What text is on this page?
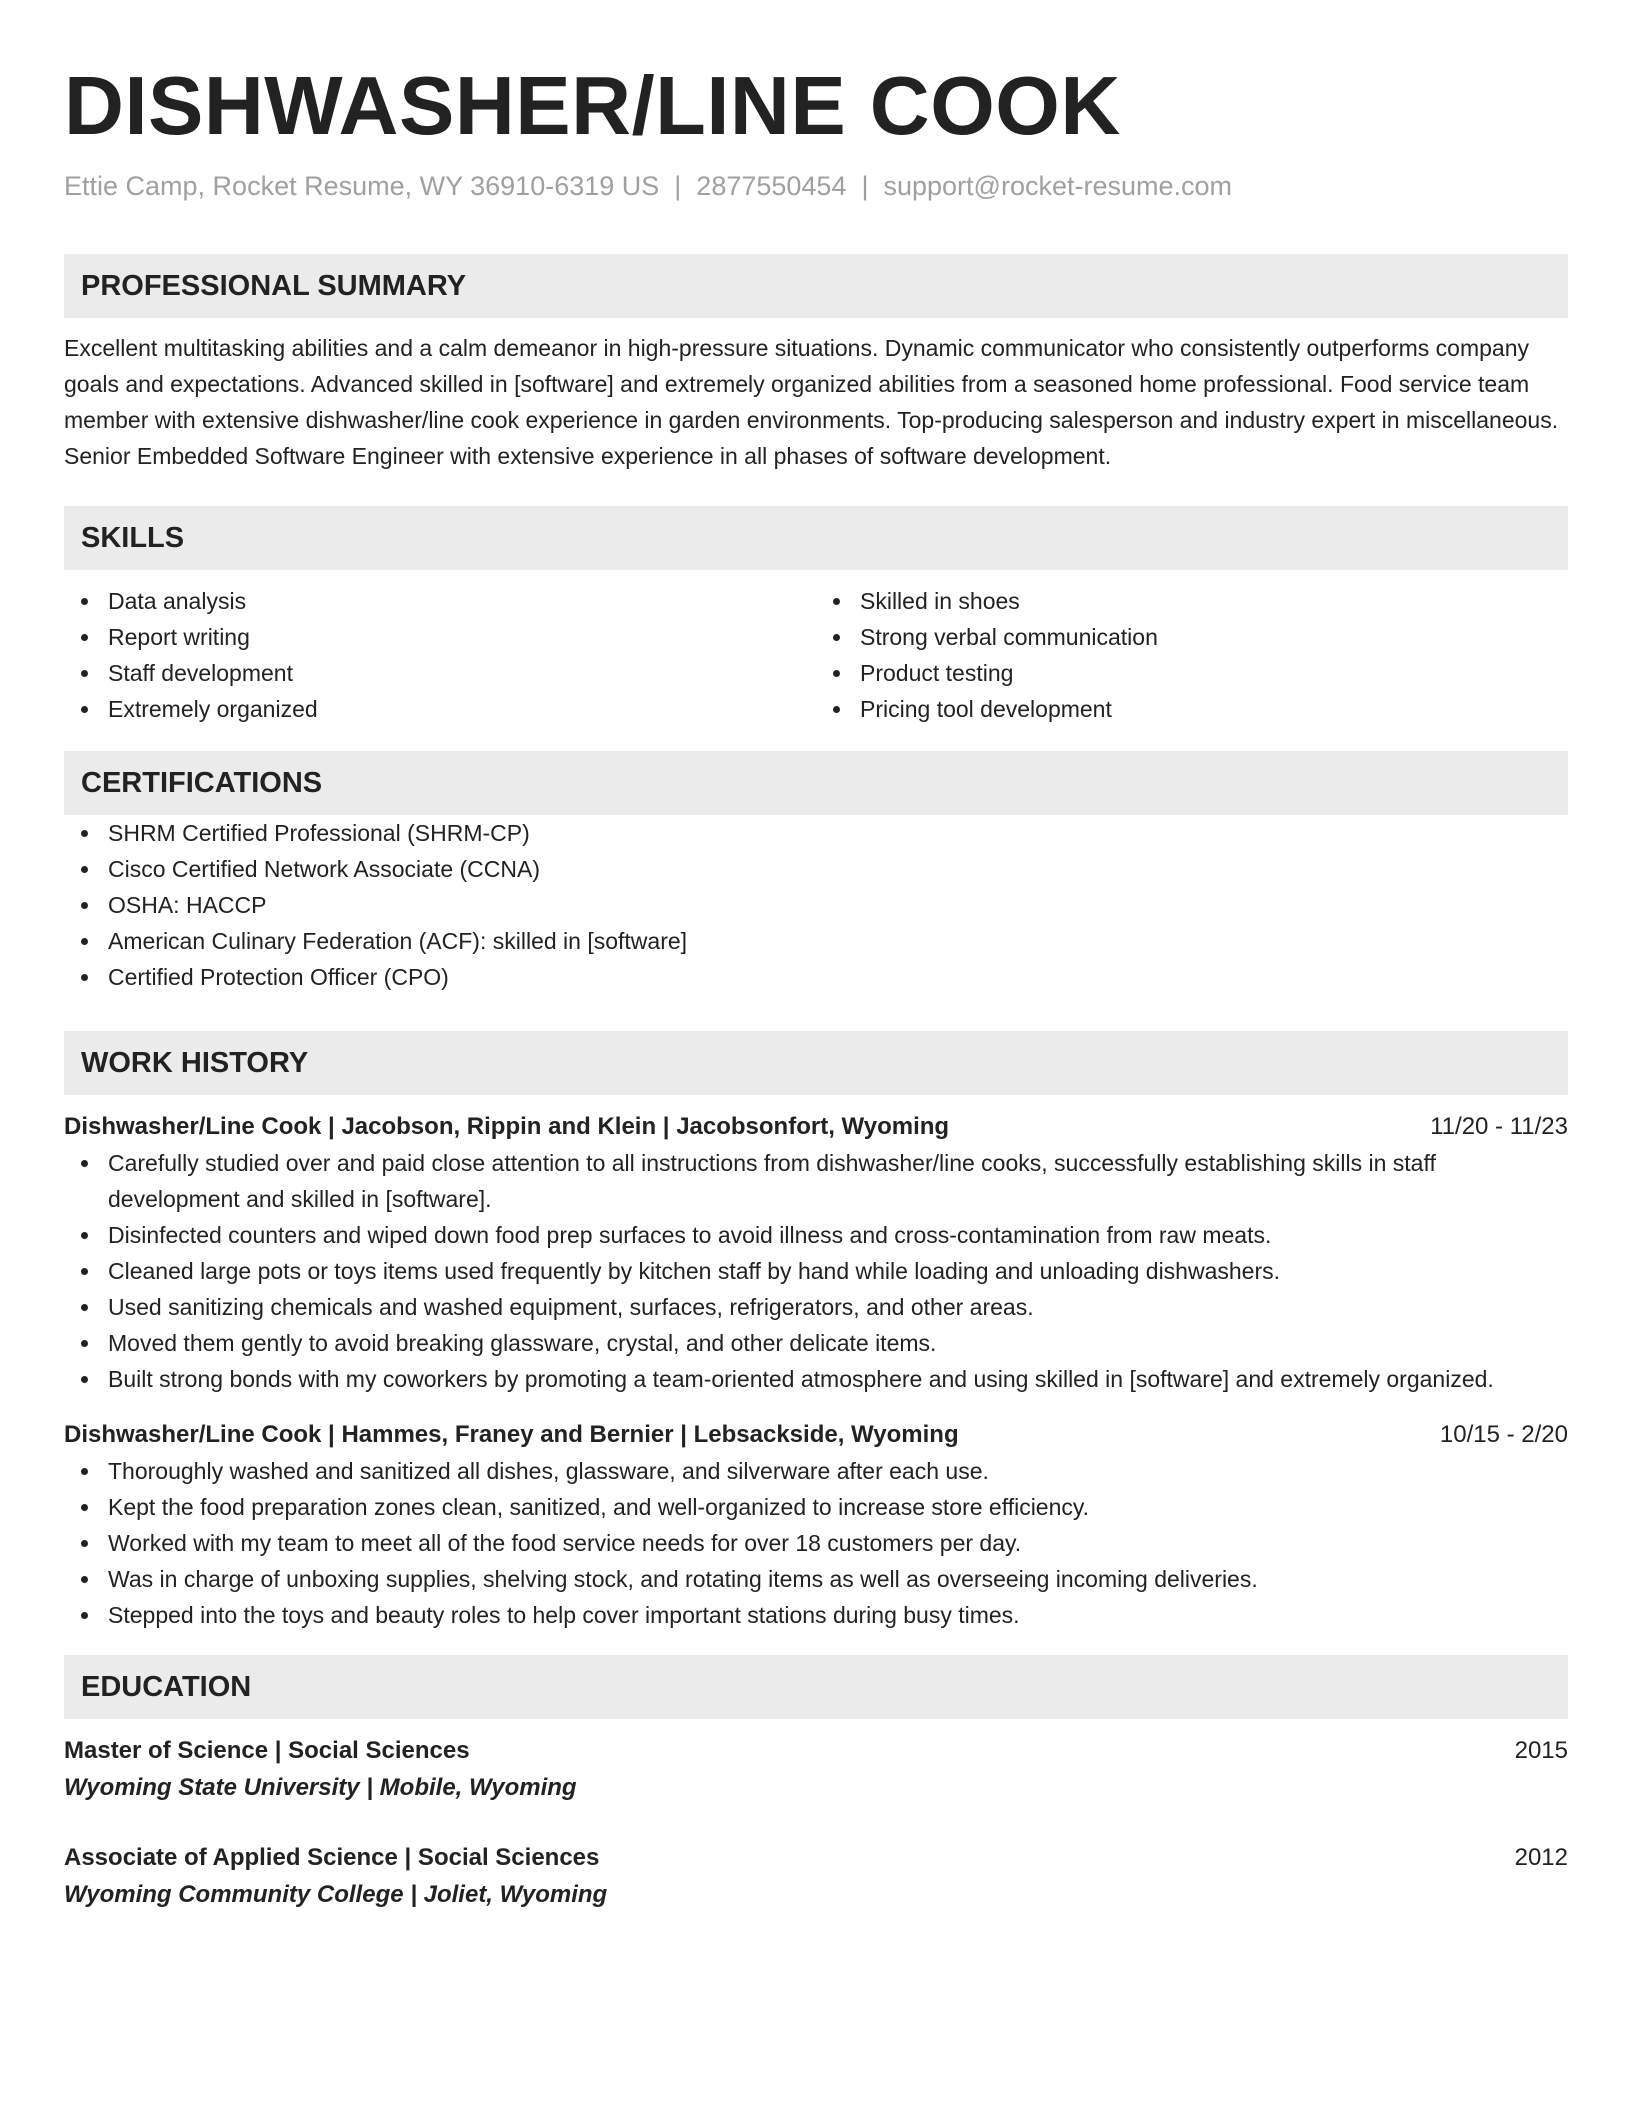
DISHWASHER/LINE COOK
Ettie Camp, Rocket Resume, WY 36910-6319 US | 2877550454 | support@rocket-resume.com
PROFESSIONAL SUMMARY
Excellent multitasking abilities and a calm demeanor in high-pressure situations. Dynamic communicator who consistently outperforms company goals and expectations. Advanced skilled in [software] and extremely organized abilities from a seasoned home professional. Food service team member with extensive dishwasher/line cook experience in garden environments. Top-producing salesperson and industry expert in miscellaneous. Senior Embedded Software Engineer with extensive experience in all phases of software development.
SKILLS
Data analysis
Report writing
Staff development
Extremely organized
Skilled in shoes
Strong verbal communication
Product testing
Pricing tool development
CERTIFICATIONS
SHRM Certified Professional (SHRM-CP)
Cisco Certified Network Associate (CCNA)
OSHA: HACCP
American Culinary Federation (ACF): skilled in [software]
Certified Protection Officer (CPO)
WORK HISTORY
Dishwasher/Line Cook | Jacobson, Rippin and Klein | Jacobsonfort, Wyoming	11/20 - 11/23
Carefully studied over and paid close attention to all instructions from dishwasher/line cooks, successfully establishing skills in staff development and skilled in [software].
Disinfected counters and wiped down food prep surfaces to avoid illness and cross-contamination from raw meats.
Cleaned large pots or toys items used frequently by kitchen staff by hand while loading and unloading dishwashers.
Used sanitizing chemicals and washed equipment, surfaces, refrigerators, and other areas.
Moved them gently to avoid breaking glassware, crystal, and other delicate items.
Built strong bonds with my coworkers by promoting a team-oriented atmosphere and using skilled in [software] and extremely organized.
Dishwasher/Line Cook | Hammes, Franey and Bernier | Lebsackside, Wyoming	10/15 - 2/20
Thoroughly washed and sanitized all dishes, glassware, and silverware after each use.
Kept the food preparation zones clean, sanitized, and well-organized to increase store efficiency.
Worked with my team to meet all of the food service needs for over 18 customers per day.
Was in charge of unboxing supplies, shelving stock, and rotating items as well as overseeing incoming deliveries.
Stepped into the toys and beauty roles to help cover important stations during busy times.
EDUCATION
Master of Science | Social Sciences	2015
Wyoming State University | Mobile, Wyoming
Associate of Applied Science | Social Sciences	2012
Wyoming Community College | Joliet, Wyoming
